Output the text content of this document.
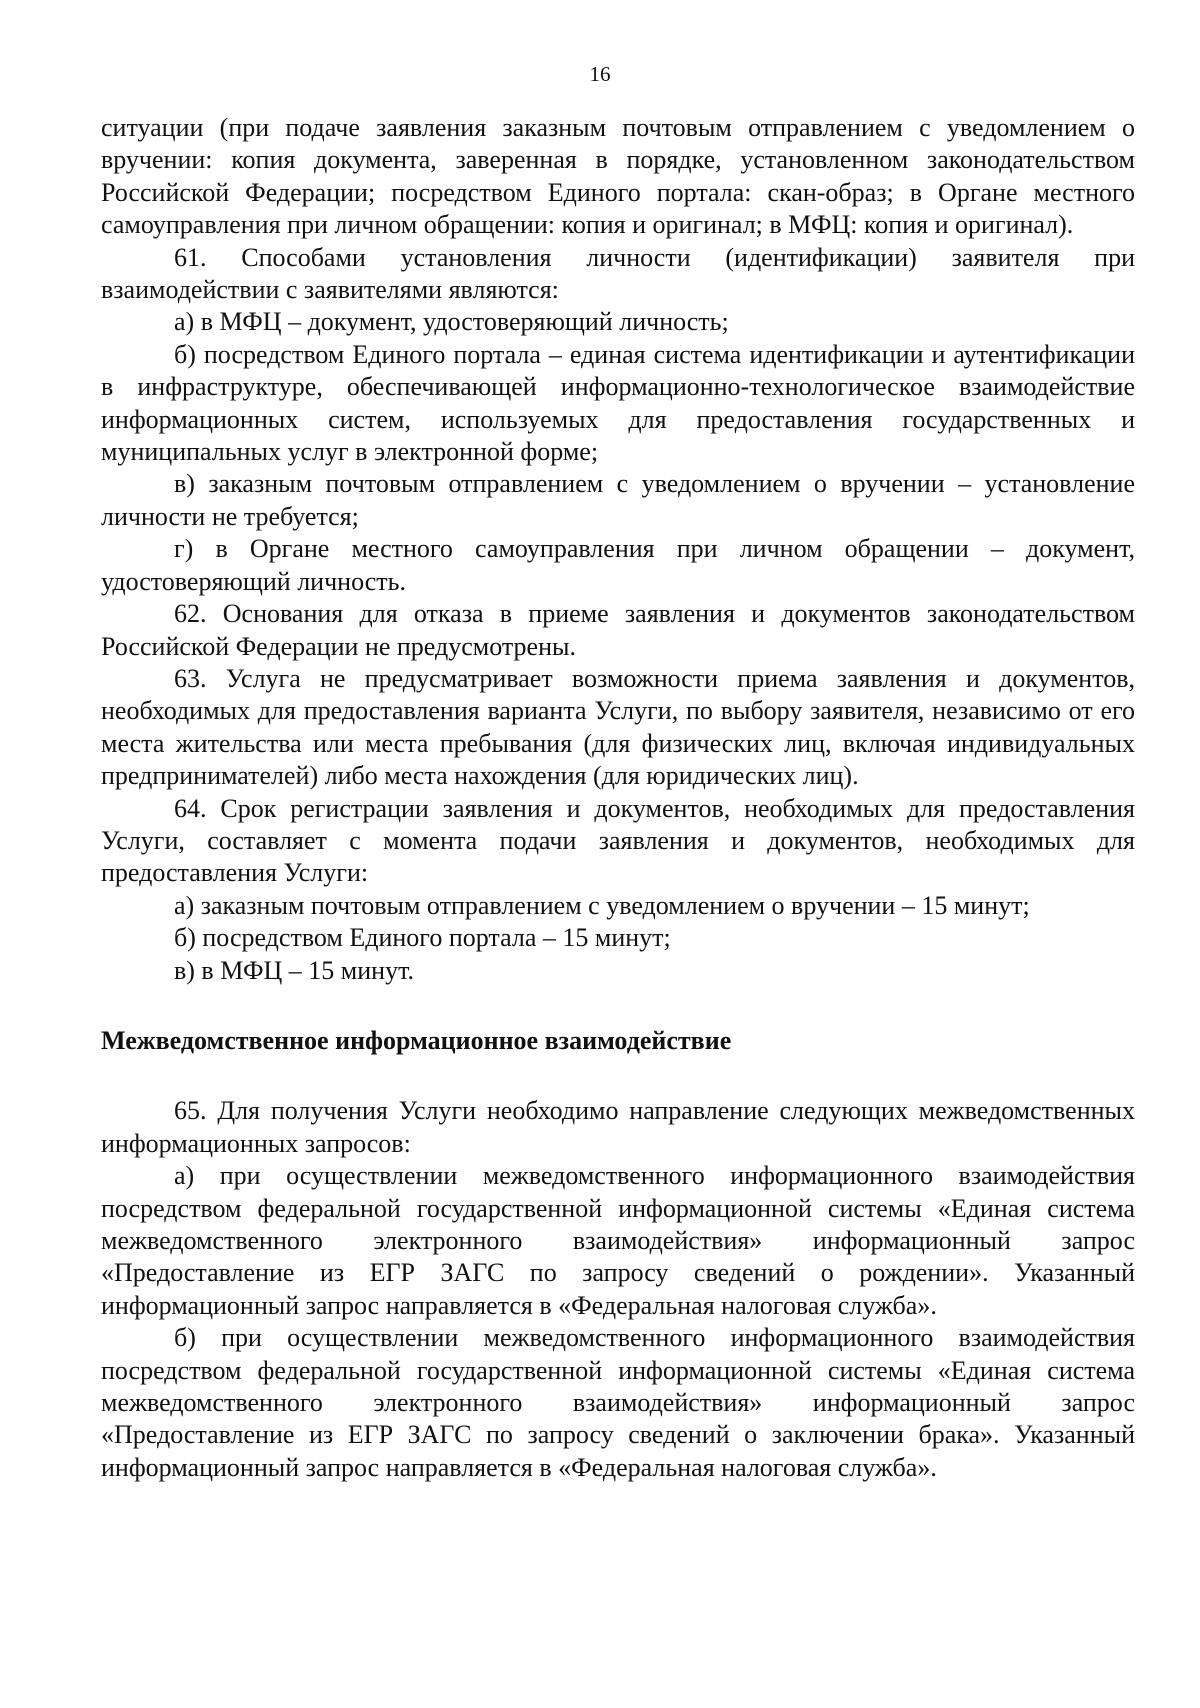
16

ситуации (при подаче заявления заказным почтовым отправлением с уведомлением о вручении: копия документа, заверенная в порядке, установленном законодательством Российской Федерации; посредством Единого портала: скан-образ; в Органе местного самоуправления при личном обращении: копия и оригинал; в МФЦ: копия и оригинал).

61. Способами установления личности (идентификации) заявителя при взаимодействии с заявителями являются:

а) в МФЦ – документ, удостоверяющий личность;

б) посредством Единого портала – единая система идентификации и аутентификации в инфраструктуре, обеспечивающей информационно-технологическое взаимодействие информационных систем, используемых для предоставления государственных и муниципальных услуг в электронной форме;

в) заказным почтовым отправлением с уведомлением о вручении – установление личности не требуется;

г) в Органе местного самоуправления при личном обращении – документ, удостоверяющий личность.

62. Основания для отказа в приеме заявления и документов законодательством Российской Федерации не предусмотрены.

63. Услуга не предусматривает возможности приема заявления и документов, необходимых для предоставления варианта Услуги, по выбору заявителя, независимо от его места жительства или места пребывания (для физических лиц, включая индивидуальных предпринимателей) либо места нахождения (для юридических лиц).

64. Срок регистрации заявления и документов, необходимых для предоставления Услуги, составляет с момента подачи заявления и документов, необходимых для предоставления Услуги:

а) заказным почтовым отправлением с уведомлением о вручении – 15 минут;

б) посредством Единого портала – 15 минут;

в) в МФЦ – 15 минут.

Межведомственное информационное взаимодействие

65. Для получения Услуги необходимо направление следующих межведомственных информационных запросов:

а) при осуществлении межведомственного информационного взаимодействия посредством федеральной государственной информационной системы «Единая система межведомственного электронного взаимодействия» информационный запрос «Предоставление из ЕГР ЗАГС по запросу сведений о рождении». Указанный информационный запрос направляется в «Федеральная налоговая служба».

б) при осуществлении межведомственного информационного взаимодействия посредством федеральной государственной информационной системы «Единая система межведомственного электронного взаимодействия» информационный запрос «Предоставление из ЕГР ЗАГС по запросу сведений о заключении брака». Указанный информационный запрос направляется в «Федеральная налоговая служба».
